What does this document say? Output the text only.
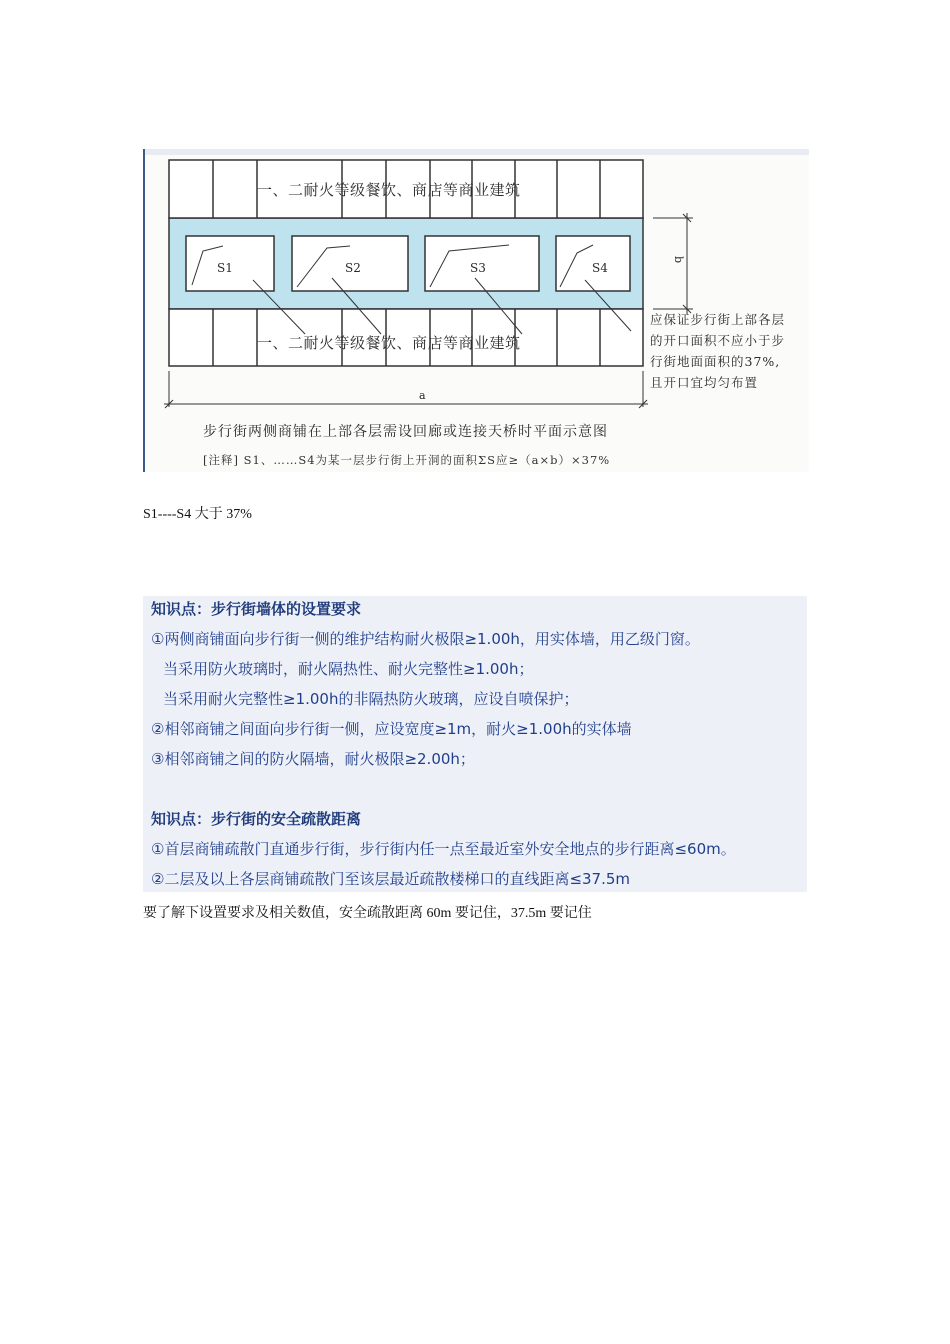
一、二耐火等级餐饮、商店等商业建筑
一、二耐火等级餐饮、商店等商业建筑
S1	S2	S3	S4
b
a
应保证步行街上部各层
的开口面积不应小于步
行街地面面积的37%,
且开口宜均匀布置
步行街两侧商铺在上部各层需设回廊或连接天桥时平面示意图
[注释] S1、……S4为某一层步行街上开洞的面积ΣS应≥（a×b）×37%
S1----S4 大于 37%
知识点：步行街墙体的设置要求
①两侧商铺面向步行街一侧的维护结构耐火极限≥1.00h，用实体墙，用乙级门窗。
当采用防火玻璃时，耐火隔热性、耐火完整性≥1.00h；
当采用耐火完整性≥1.00h的非隔热防火玻璃，应设自喷保护；
②相邻商铺之间面向步行街一侧，应设宽度≥1m，耐火≥1.00h的实体墙
③相邻商铺之间的防火隔墙，耐火极限≥2.00h；
知识点：步行街的安全疏散距离
①首层商铺疏散门直通步行街，步行街内任一点至最近室外安全地点的步行距离≤60m。
②二层及以上各层商铺疏散门至该层最近疏散楼梯口的直线距离≤37.5m
要了解下设置要求及相关数值，安全疏散距离 60m 要记住，37.5m 要记住
